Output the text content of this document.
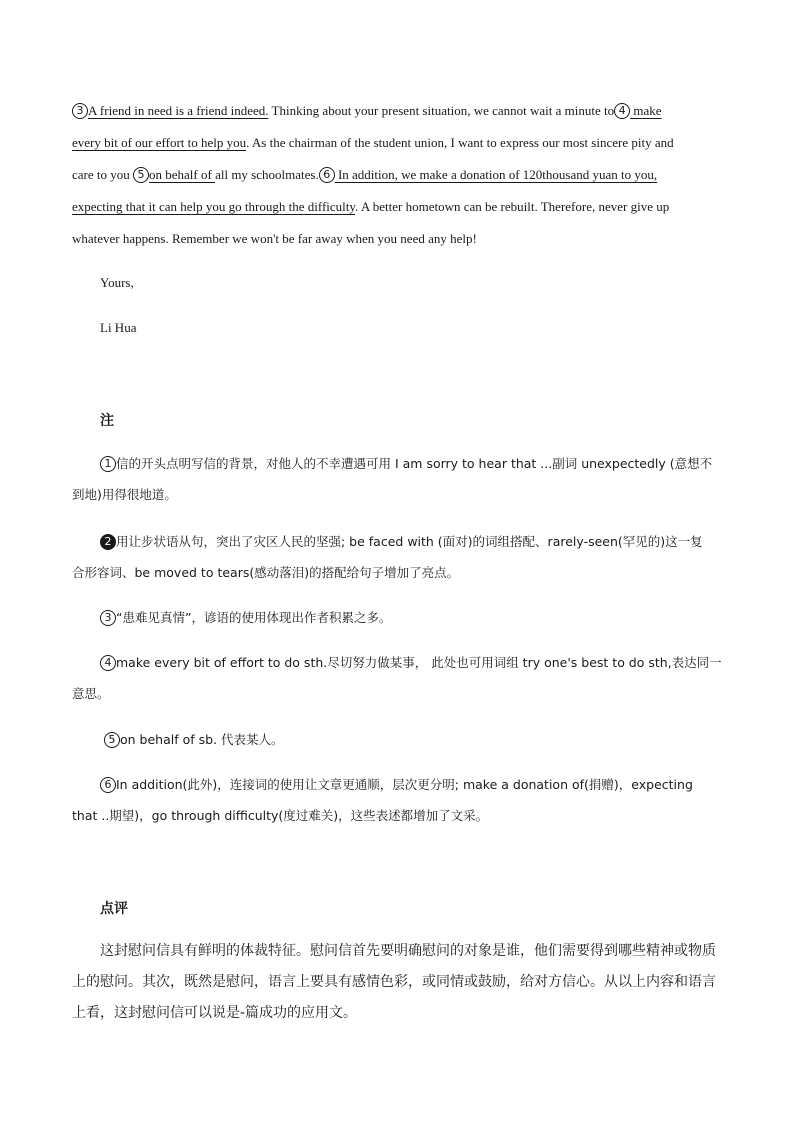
3 A friend in need is a friend indeed. Thinking about your present situation, we cannot wait a minute to 4 make
every bit of our effort to help you. As the chairman of the student union, I want to express our most sincere pity and
care to you 5 on behalf of all my schoolmates. 6 In addition, we make a donation of 120thousand yuan to you,
expecting that it can help you go through the difficulty. A better hometown can be rebuilt. Therefore, never give up
whatever happens. Remember we won't be far away when you need any help!
Yours,
Li Hua
注
1 信的开头点明写信的背景，对他人的不幸遭遇可用 I am sorry to hear that ...副词 unexpectedly (意想不
到地)用得很地道。
2 用让步状语从句，突出了灾区人民的坚强; be faced with (面对)的词组搭配、rarely-seen(罕见的)这一复
合形容词、be moved to tears(感动落泪)的搭配给句子增加了亮点。
3 “患难见真情”，谚语的使用体现出作者积累之多。
4 make every bit of effort to do sth.尽切努力做某事， 此处也可用词组 try one's best to do sth,表达同一
意思。
5 on behalf of sb. 代表某人。
6 In addition(此外)，连接词的使用让文章更通顺，层次更分明; make a donation of(捐赠)，expecting
that ..期望)，go through difficulty(度过难关)，这些表述都增加了文采。
点评
这封慰问信具有鲜明的体裁特征。慰问信首先要明确慰问的对象是谁，他们需要得到哪些精神或物质
上的慰问。其次，既然是慰问，语言上要具有感情色彩，或同情或鼓励，给对方信心。从以上内容和语言
上看，这封慰问信可以说是-篇成功的应用文。
